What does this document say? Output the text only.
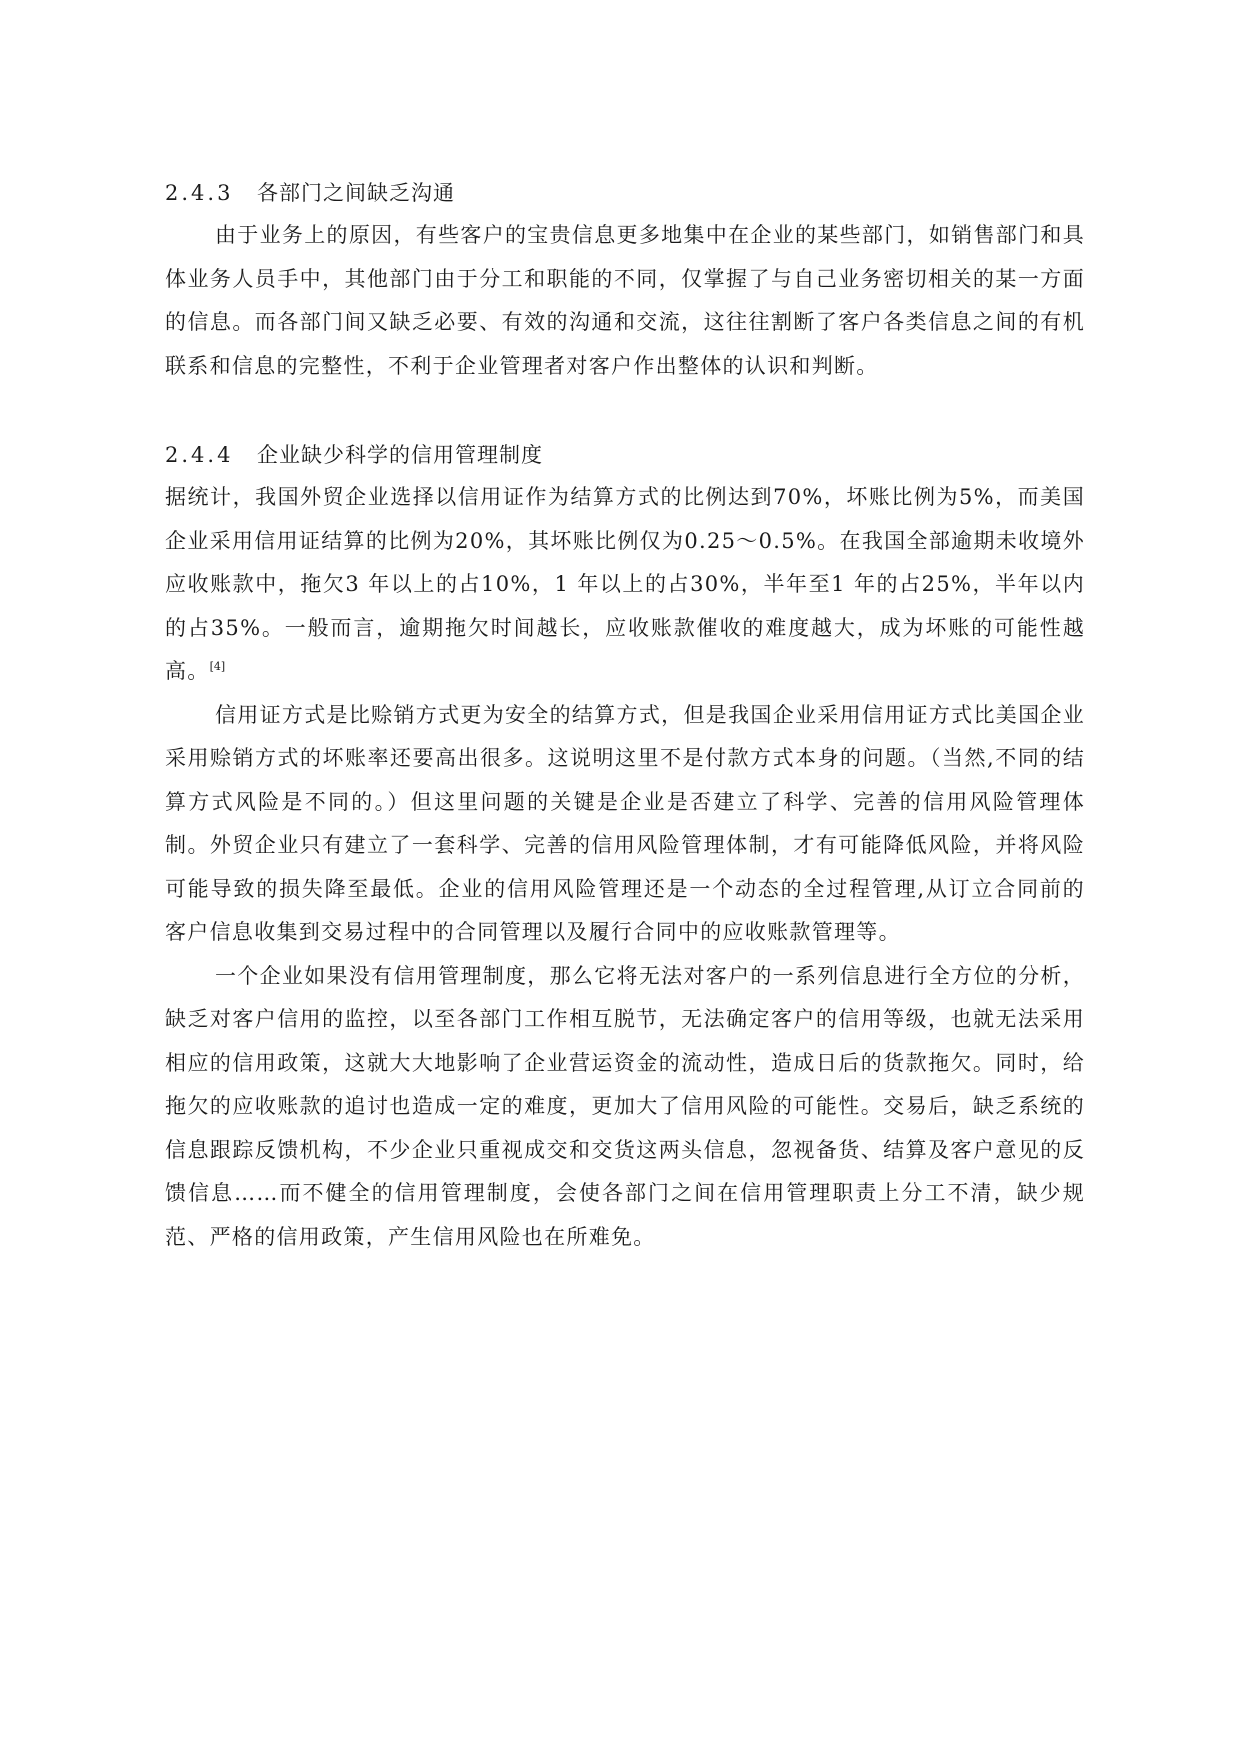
2.4.3 各部门之间缺乏沟通

由于业务上的原因，有些客户的宝贵信息更多地集中在企业的某些部门，如销售部门和具体业务人员手中，其他部门由于分工和职能的不同，仅掌握了与自己业务密切相关的某一方面的信息。而各部门间又缺乏必要、有效的沟通和交流，这往往割断了客户各类信息之间的有机联系和信息的完整性，不利于企业管理者对客户作出整体的认识和判断。

2.4.4 企业缺少科学的信用管理制度

据统计，我国外贸企业选择以信用证作为结算方式的比例达到70%，坏账比例为5%，而美国企业采用信用证结算的比例为20%，其坏账比例仅为0.25～0.5%。在我国全部逾期未收境外应收账款中，拖欠3 年以上的占10%，1 年以上的占30%，半年至1 年的占25%，半年以内的占35%。一般而言，逾期拖欠时间越长，应收账款催收的难度越大，成为坏账的可能性越高。[4]

信用证方式是比赊销方式更为安全的结算方式，但是我国企业采用信用证方式比美国企业采用赊销方式的坏账率还要高出很多。这说明这里不是付款方式本身的问题。（当然,不同的结算方式风险是不同的。）但这里问题的关键是企业是否建立了科学、完善的信用风险管理体制。外贸企业只有建立了一套科学、完善的信用风险管理体制，才有可能降低风险，并将风险可能导致的损失降至最低。企业的信用风险管理还是一个动态的全过程管理,从订立合同前的客户信息收集到交易过程中的合同管理以及履行合同中的应收账款管理等。

一个企业如果没有信用管理制度，那么它将无法对客户的一系列信息进行全方位的分析，缺乏对客户信用的监控，以至各部门工作相互脱节，无法确定客户的信用等级，也就无法采用相应的信用政策，这就大大地影响了企业营运资金的流动性，造成日后的货款拖欠。同时，给拖欠的应收账款的追讨也造成一定的难度，更加大了信用风险的可能性。交易后，缺乏系统的信息跟踪反馈机构，不少企业只重视成交和交货这两头信息，忽视备货、结算及客户意见的反馈信息……而不健全的信用管理制度，会使各部门之间在信用管理职责上分工不清，缺少规范、严格的信用政策，产生信用风险也在所难免。
